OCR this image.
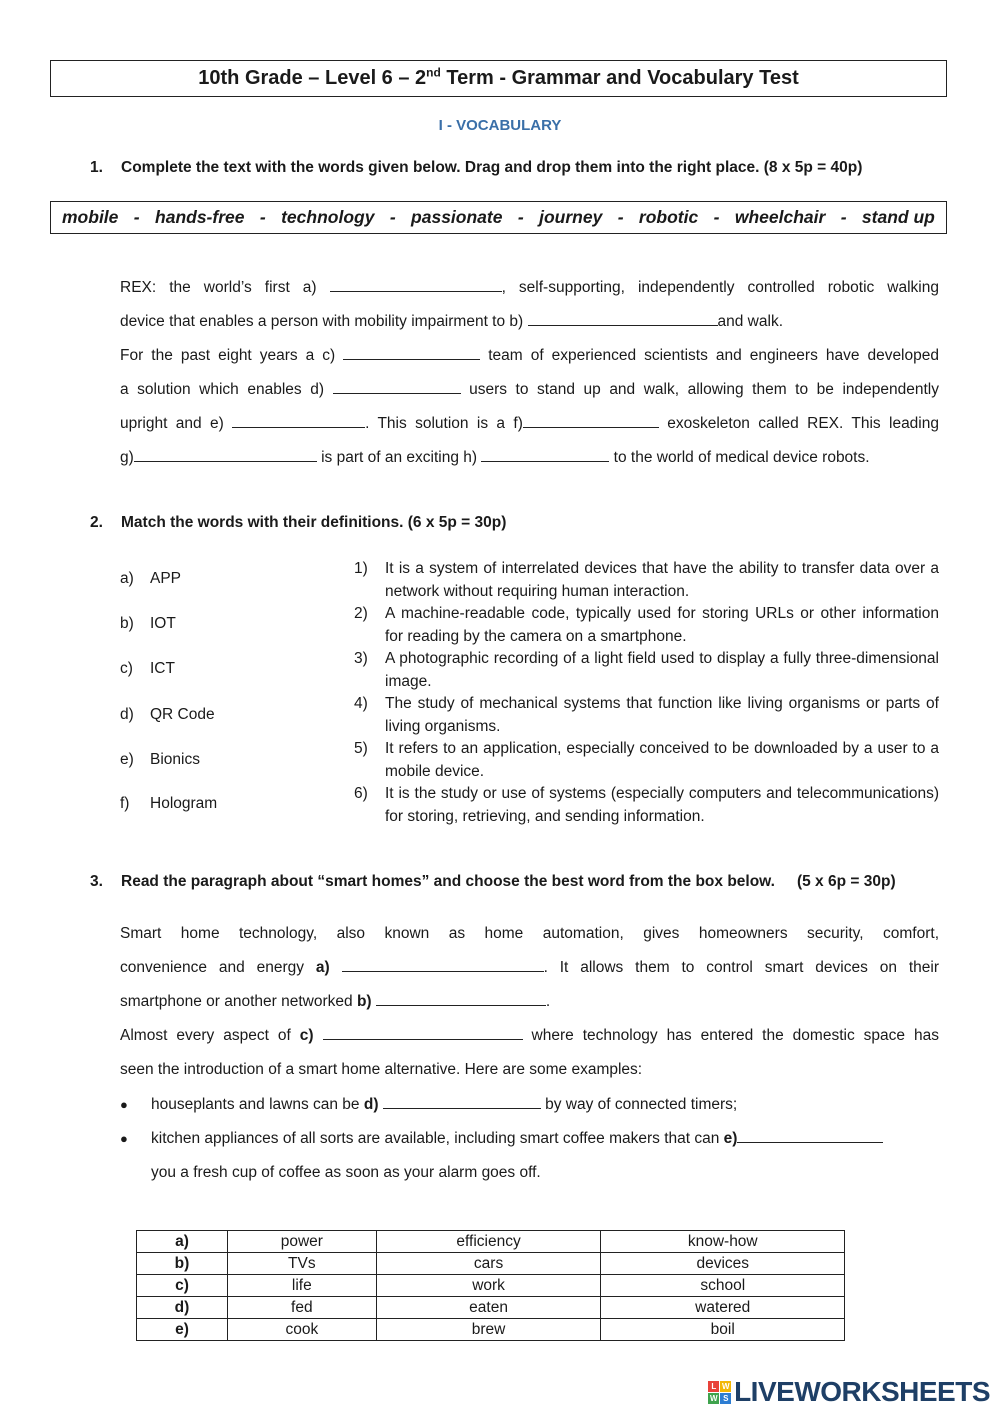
10th Grade – Level 6 – 2nd Term - Grammar and Vocabulary Test
I - VOCABULARY
1. Complete the text with the words given below. Drag and drop them into the right place. (8 x 5p = 40p)
mobile - hands-free - technology - passionate - journey - robotic - wheelchair - stand up
REX: the world’s first a)	, self-supporting, independently controlled robotic walking
device that enables a person with mobility impairment to b)	and walk.
For the past eight years a c)	team of experienced scientists and engineers have developed
a solution which enables d)	users to stand up and walk, allowing them to be independently
upright and e)	. This solution is a f)	exoskeleton called REX. This leading
g)	is part of an exciting h)	to the world of medical device robots.
2. Match the words with their definitions. (6 x 5p = 30p)
a) APP
b) IOT
c) ICT
d) QR Code
e) Bionics
f) Hologram
1)	It is a system of interrelated devices that have the ability to transfer data over a network without requiring human interaction.
2)	A machine-readable code, typically used for storing URLs or other information for reading by the camera on a smartphone.
3)	A photographic recording of a light field used to display a fully three-dimensional image.
4)	The study of mechanical systems that function like living organisms or parts of living organisms.
5)	It refers to an application, especially conceived to be downloaded by a user to a mobile device.
6)	It is the study or use of systems (especially computers and telecommunications) for storing, retrieving, and sending information.
3. Read the paragraph about “smart homes” and choose the best word from the box below. (5 x 6p = 30p)
Smart home technology, also known as home automation, gives homeowners security, comfort,
convenience and energy a)	. It allows them to control smart devices on their
smartphone or another networked b)	.
Almost every aspect of c)	where technology has entered the domestic space has
seen the introduction of a smart home alternative. Here are some examples:
● houseplants and lawns can be d)	by way of connected timers;
● kitchen appliances of all sorts are available, including smart coffee makers that can e)
you a fresh cup of coffee as soon as your alarm goes off.
a)	power	efficiency	know-how
b)	TVs	cars	devices
c)	life	work	school
d)	fed	eaten	watered
e)	cook	brew	boil
L W
W S LIVEWORKSHEETS
